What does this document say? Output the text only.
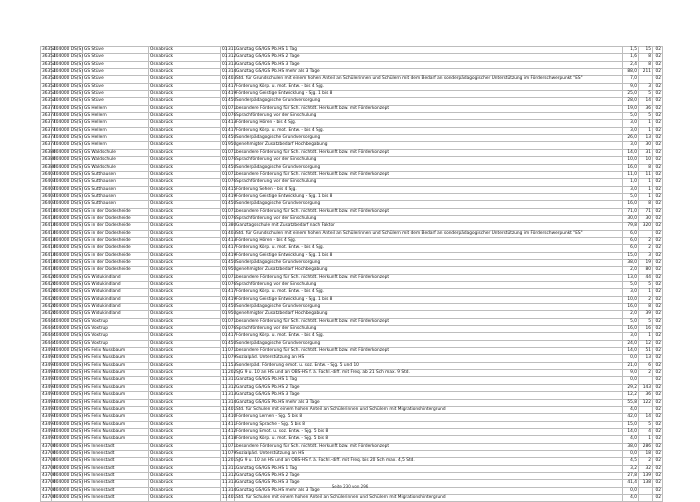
36353	404000 DS(S)	GS Stüve	Osnabrück	01	311	Ganztag GS/IGS Pb.HS 1 Tag	1,5	15	02
36353	404000 DS(S)	GS Stüve	Osnabrück	01	312	Ganztag GS/IGS Pb.HS 2 Tage	1,6	8	02
36353	404000 DS(S)	GS Stüve	Osnabrück	01	313	Ganztag GS/IGS Pb.HS 3 Tage	2,4	8	02
36353	404000 DS(S)	GS Stüve	Osnabrück	01	314	Ganztag GS/IGS Pb.HS mehr als 3 Tage	88,0	211	02
36353	404000 DS(S)	GS Stüve	Osnabrück	01	403	Std. für Grundschulen mit einem hohen Anteil an Schülerinnen und Schülern mit dem Bedarf an sonderpädagogischer Unterstützung im Förderschwerpunkt "ES"	7,0		02
36353	404000 DS(S)	GS Stüve	Osnabrück	01	417	Förderung Körp. u. mot. Entw. - bis 4 Sjg.	9,0	3	02
36353	404000 DS(S)	GS Stüve	Osnabrück	01	419	Förderung Geistige Entwicklung - Sjg. 1 bis 8	25,0	5	02
36353	404000 DS(S)	GS Stüve	Osnabrück	01	450	Sonderpädagogische Grundversorgung	28,0	14	02
36377	404000 DS(S)	GS Hellern	Osnabrück	01	071	besondere Förderung für Sch. nichtdt. Herkunft bzw. mit Förderkonzept	19,0	36	02
36377	404000 DS(S)	GS Hellern	Osnabrück	01	076	Sprachförderung vor der Einschulung	5,0	5	02
36377	404000 DS(S)	GS Hellern	Osnabrück	01	413	Förderung Hören - bis 4 Sjg.	3,0	1	02
36377	404000 DS(S)	GS Hellern	Osnabrück	01	417	Förderung Körp. u. mot. Entw. - bis 4 Sjg.	3,0	1	02
36377	404000 DS(S)	GS Hellern	Osnabrück	01	450	Sonderpädagogische Grundversorgung	26,0	13	02
36377	404000 DS(S)	GS Hellern	Osnabrück	01	950	genehmigter Zusatzbedarf Hochbegabung	3,0	30	02
36389	404000 DS(S)	GS Waldschule	Osnabrück	01	071	besondere Förderung für Sch. nichtdt. Herkunft bzw. mit Förderkonzept	14,0	31	02
36389	404000 DS(S)	GS Waldschule	Osnabrück	01	076	Sprachförderung vor der Einschulung	10,0	10	02
36389	404000 DS(S)	GS Waldschule	Osnabrück	01	450	Sonderpädagogische Grundversorgung	16,0	8	02
36407	404000 DS(S)	GS Sutthausen	Osnabrück	01	071	besondere Förderung für Sch. nichtdt. Herkunft bzw. mit Förderkonzept	11,0	11	02
36407	404000 DS(S)	GS Sutthausen	Osnabrück	01	076	Sprachförderung vor der Einschulung	1,0	1	02
36407	404000 DS(S)	GS Sutthausen	Osnabrück	01	415	Förderung Sehen - bis 4 Sjg.	3,0	1	02
36407	404000 DS(S)	GS Sutthausen	Osnabrück	01	419	Förderung Geistige Entwicklung - Sjg. 1 bis 8	5,0	1	02
36407	404000 DS(S)	GS Sutthausen	Osnabrück	01	450	Sonderpädagogische Grundversorgung	16,0	8	02
36419	404000 DS(S)	GS in der Dodesheide	Osnabrück	01	071	besondere Förderung für Sch. nichtdt. Herkunft bzw. mit Förderkonzept	71,0	71	02
36419	404000 DS(S)	GS in der Dodesheide	Osnabrück	01	076	Sprachförderung vor der Einschulung	30,0	30	02
36419	404000 DS(S)	GS in der Dodesheide	Osnabrück	01	380	Ganztagsschule mit Zusatzbedarf nach Faktor	79,8	320	02
36419	404000 DS(S)	GS in der Dodesheide	Osnabrück	01	403	Std. für Grundschulen mit einem hohen Anteil an Schülerinnen und Schülern mit dem Bedarf an sonderpädagogischer Unterstützung im Förderschwerpunkt "ES"	6,0		02
36419	404000 DS(S)	GS in der Dodesheide	Osnabrück	01	413	Förderung Hören - bis 4 Sjg.	6,0	2	02
36419	404000 DS(S)	GS in der Dodesheide	Osnabrück	01	417	Förderung Körp. u. mot. Entw. - bis 4 Sjg.	6,0	2	02
36419	404000 DS(S)	GS in der Dodesheide	Osnabrück	01	419	Förderung Geistige Entwicklung - Sjg. 1 bis 8	15,0	3	02
36419	404000 DS(S)	GS in der Dodesheide	Osnabrück	01	450	Sonderpädagogische Grundversorgung	38,0	19	02
36419	404000 DS(S)	GS in der Dodesheide	Osnabrück	01	950	genehmigter Zusatzbedarf Hochbegabung	2,0	80	02
36420	404000 DS(S)	GS Widukindland	Osnabrück	01	071	besondere Förderung für Sch. nichtdt. Herkunft bzw. mit Förderkonzept	13,0	44	02
36420	404000 DS(S)	GS Widukindland	Osnabrück	01	076	Sprachförderung vor der Einschulung	5,0	5	02
36420	404000 DS(S)	GS Widukindland	Osnabrück	01	417	Förderung Körp. u. mot. Entw. - bis 4 Sjg.	3,0	1	02
36420	404000 DS(S)	GS Widukindland	Osnabrück	01	419	Förderung Geistige Entwicklung - Sjg. 1 bis 8	10,0	2	02
36420	404000 DS(S)	GS Widukindland	Osnabrück	01	450	Sonderpädagogische Grundversorgung	16,0	8	02
36420	404000 DS(S)	GS Widukindland	Osnabrück	01	950	genehmigter Zusatzbedarf Hochbegabung	2,0	39	02
36444	404000 DS(S)	GS Voxtrup	Osnabrück	01	071	besondere Förderung für Sch. nichtdt. Herkunft bzw. mit Förderkonzept	5,0	5	02
36444	404000 DS(S)	GS Voxtrup	Osnabrück	01	076	Sprachförderung vor der Einschulung	16,0	16	02
36444	404000 DS(S)	GS Voxtrup	Osnabrück	01	417	Förderung Körp. u. mot. Entw. - bis 4 Sjg.	3,0	1	02
36444	404000 DS(S)	GS Voxtrup	Osnabrück	01	450	Sonderpädagogische Grundversorgung	24,0	12	02
43497	404000 DS(S)	HS Felix Nussbaum	Osnabrück	11	071	besondere Förderung für Sch. nichtdt. Herkunft bzw. mit Förderkonzept	14,0	51	02
43497	404000 DS(S)	HS Felix Nussbaum	Osnabrück	11	079	Sozialpäd. Unterstützung an HS	0,0	13	02
43497	404000 DS(S)	HS Felix Nussbaum	Osnabrück	11	153	Sonderpäd. Förderung emot. u. soz. Entw. - Sjg. 5 und 10	21,0	6	02
43497	404000 DS(S)	HS Felix Nussbaum	Osnabrück	11	202	SJG 9 u. 10 an HS und an OBS-HS f. à. Fachl.-diff. mit Freq. ab 21 Sch max. 9 Std.	9,0	2	02
43497	404000 DS(S)	HS Felix Nussbaum	Osnabrück	11	311	Ganztag GS/IGS Pb.HS 1 Tag	0,0		02
43497	404000 DS(S)	HS Felix Nussbaum	Osnabrück	11	312	Ganztag GS/IGS Pb.HS 2 Tage	29,2	143	02
43497	404000 DS(S)	HS Felix Nussbaum	Osnabrück	11	313	Ganztag GS/IGS Pb.HS 3 Tage	12,2	36	02
43497	404000 DS(S)	HS Felix Nussbaum	Osnabrück	11	314	Ganztag GS/IGS Pb.HS mehr als 3 Tage	55,8	122	02
43497	404000 DS(S)	HS Felix Nussbaum	Osnabrück	11	401	Std. für Schulen mit einem hohen Anteil an Schülerinnen und Schülern mit Migrationshintergrund	4,0		02
43497	404000 DS(S)	HS Felix Nussbaum	Osnabrück	11	410	Förderung Lernen - Sjg. 5 bis 8	42,0	14	02
43497	404000 DS(S)	HS Felix Nussbaum	Osnabrück	11	411	Förderung Sprache - Sjg. 5 bis 8	15,0	5	02
43497	404000 DS(S)	HS Felix Nussbaum	Osnabrück	11	412	Förderung Emot. u. soz. Entw. - Sjg. 5 bis 8	14,0	4	02
43497	404000 DS(S)	HS Felix Nussbaum	Osnabrück	11	418	Förderung Körp. u. mot. Entw. - Sjg. 5 bis 8	4,0	1	02
43709	404000 DS(S)	HS Innenstadt	Osnabrück	11	071	besondere Förderung für Sch. nichtdt. Herkunft bzw. mit Förderkonzept	38,0	286	02
43709	404000 DS(S)	HS Innenstadt	Osnabrück	11	079	Sozialpäd. Unterstützung an HS	0,0	18	02
43709	404000 DS(S)	HS Innenstadt	Osnabrück	11	201	SJG 9 u. 10 an HS und an OBS-HS f. à. Fachl.-diff. mit Freq. bis 20 Sch max. 4,5 Std.	4,5	2	02
43709	404000 DS(S)	HS Innenstadt	Osnabrück	11	311	Ganztag GS/IGS Pb.HS 1 Tag	3,2	32	02
43709	404000 DS(S)	HS Innenstadt	Osnabrück	11	312	Ganztag GS/IGS Pb.HS 2 Tage	27,8	139	02
43709	404000 DS(S)	HS Innenstadt	Osnabrück	11	313	Ganztag GS/IGS Pb.HS 3 Tage	41,4	138	02
43709	404000 DS(S)	HS Innenstadt	Osnabrück	11	314	Ganztag GS/IGS Pb.HS mehr als 3 Tage	0,0		02
43709	404000 DS(S)	HS Innenstadt	Osnabrück	11	401	Std. für Schulen mit einem hohen Anteil an Schülerinnen und Schülern mit Migrationshintergrund	4,0		02
Seite 230 von 296
